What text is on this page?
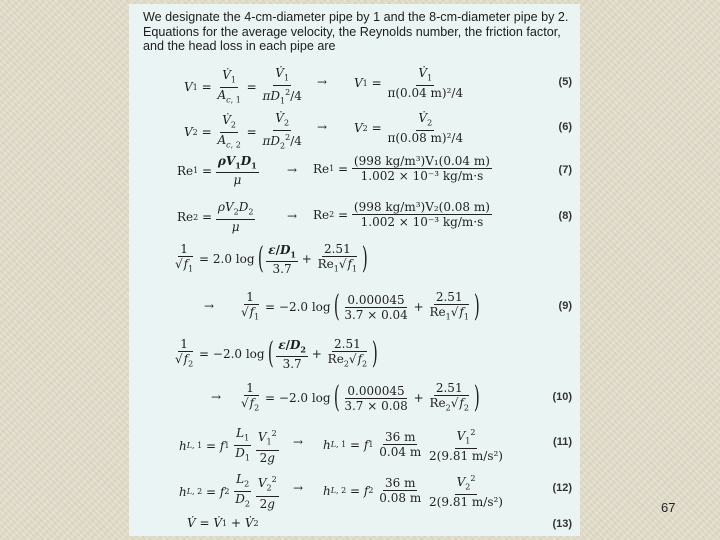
We designate the 4-cm-diameter pipe by 1 and the 8-cm-diameter pipe by 2.
Equations for the average velocity, the Reynolds number, the friction factor,
and the head loss in each pipe are
V 1 =
$V̇_1$
$A_{c, 1}$
=
$V̇_1$
$\pi D_1^2/4$
→ V 1 =
$V̇_1$
π(0.04 m)²/4
(5)
V 2 =
$V̇_2$
$A_{c, 2}$
=
$V̇_2$
$\pi D_2^2/4$
→ V 2 =
$V̇_2$
π(0.08 m)²/4
(6)
Re 1 =
$\rho V_1D_1$
μ
→ Re 1 =
(998 kg/m³)V₁(0.04 m)
1.002 × 10⁻³ kg/m·s	(7)
Re 2 =
$\rho V_2D_2$
μ
→ Re 2 =
(998 kg/m³)V₂(0.08 m)
1.002 × 10⁻³ kg/m·s	(8)
1
$√f_1$
= 2.0 log ( $\varepsilon/D_1$
3.7
+
2.51
$Re_1√f_1$ )
→
1
$√f_1$
= −2.0 log ( 0.000045
3.7 × 0.04
+
2.51
$Re_1√f_1$ )	(9)
1
$√f_2$
= −2.0 log ( $\varepsilon/D_2$
3.7
+
2.51
$Re_2√f_2$ )
→
1
$√f_2$
= −2.0 log ( 0.000045
3.7 × 0.08
+
2.51
$Re_2√f_2$ )	(10)
h L, 1 = f 1

$L_1$
$D_1$

$V_1^2$
2g
→ h L, 1 = f 1

36 m
0.04 m

$V_1^2$
2(9.81 m/s²)
(11)
h L, 2 = f 2

$L_2$
$D_2$

$V_2^2$
2g
→ h L, 2 = f 2

36 m
0.08 m

$V_2^2$
2(9.81 m/s²)
(12)
V̇ = V̇ 1 + V̇ 2	(13)
67
